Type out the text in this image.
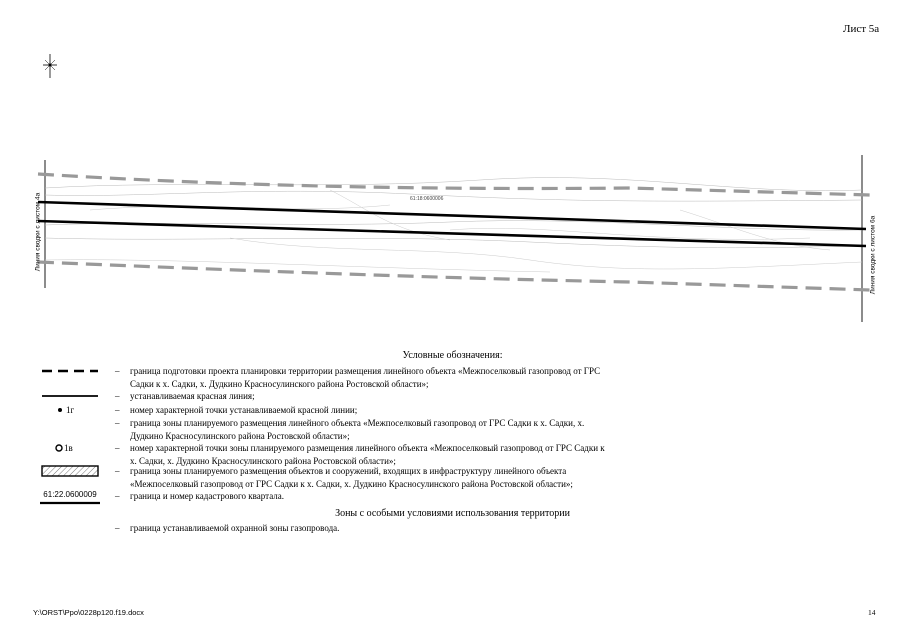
Лист 5а
61:18:0600006
Линия сводки с листом 4а	Линия сводки с листом 6а
Условные обозначения:
– граница подготовки проекта планировки территории размещения линейного объекта «Межпоселковый газопровод от ГРС
Садки к х. Садки, х. Дудкино Красносулинского района Ростовской области»;
– устанавливаемая красная линия;
1г	– номер характерной точки устанавливаемой красной линии;
– граница зоны планируемого размещения линейного объекта «Межпоселковый газопровод от ГРС Садки к х. Садки, х.
Дудкино Красносулинского района Ростовской области»;
1в	– номер характерной точки зоны планируемого размещения линейного объекта «Межпоселковый газопровод от ГРС Садки к
х. Садки, х. Дудкино Красносулинского района Ростовской области»;
– граница зоны планируемого размещения объектов и сооружений, входящих в инфраструктуру линейного объекта
«Межпоселковый газопровод от ГРС Садки к х. Садки, х. Дудкино Красносулинского района Ростовской области»;
61:22.0600009	– граница и номер кадастрового квартала.
Зоны с особыми условиями использования территории
– граница устанавливаемой охранной зоны газопровода.
Y:\ORST\Ppo\0228p120.f19.docx	14
